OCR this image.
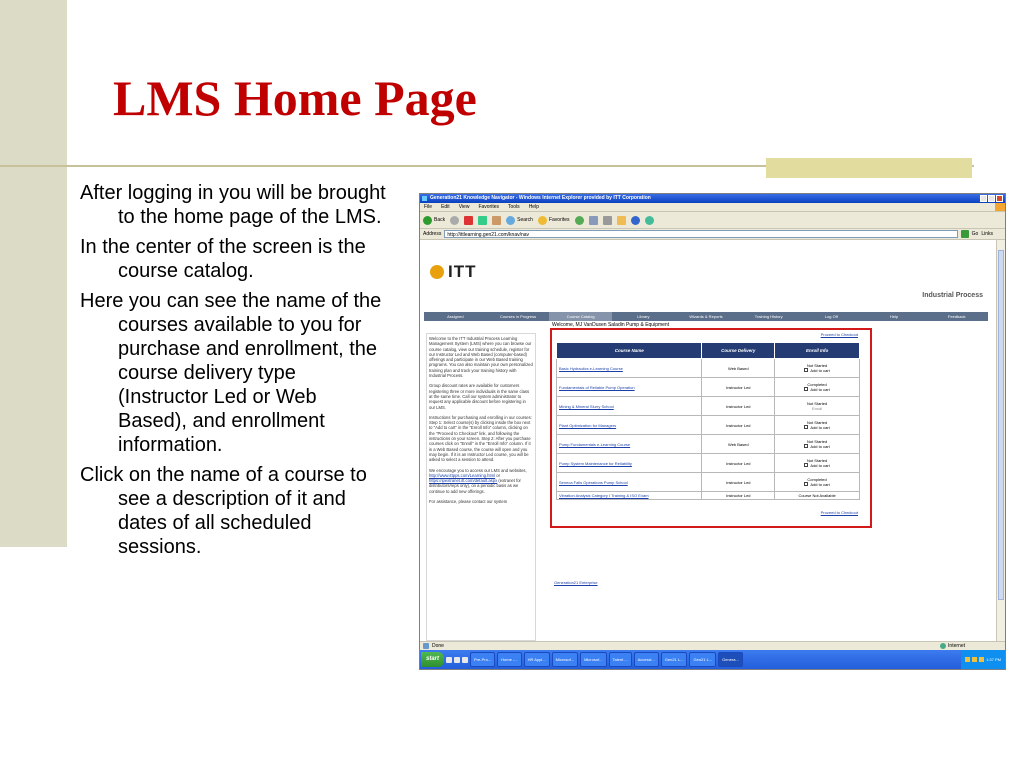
LMS Home Page
After logging in you will be brought to the home page of the LMS.
In the center of the screen is the course catalog.
Here you can see the name of the courses available to you for purchase and enrollment, the course delivery type (Instructor Led or Web Based), and enrollment information.
Click on the name of a course to see a description of it and dates of all scheduled sessions.
Generation21 Knowledge Navigator - Windows Internet Explorer provided by ITT Corporation
File Edit View Favorites Tools Help
Back	Search	Favorites
Address	http://ittlearning.gen21.com/knav/nav	Go Links
ITT
Industrial Process
Assigned	Courses in Progress	Course Catalog	Library	Wizards & Reports	Training History	Log Off	Help	Feedback
Welcome, MJ VanDusen Saladin Pump & Equipment

Welcome to the ITT Industrial Process Learning Management System (LMS) where you can browse our course catalog, view our training schedule, register for our Instructor Led and Web Based (computer-based) offerings and participate in our Web Based training programs. You can also maintain your own personalized training plan and track your training history with Industrial Process.

Group discount rates are available for customers registering three or more individuals in the same class at the same time. Call our system administrator to request any applicable discount before registering in our LMS.

Instructions for purchasing and enrolling in our courses: Step 1: Select course(s) by clicking inside the box next to "Add to cart" in the "Enroll Info" column, clicking on the "Proceed to Checkout" link, and following the instructions on your screen. Step 2: After you purchase courses click on "Enroll" in the "Enroll Info" column. If it is a Web Based course, the course will open and you may begin. If it is an Instructor Led course, you will be asked to select a session to attend.

We encourage you to access our LMS and websites, http://www.ittpps.com/Learning.html or https://ipextranet.itt.com/default.aspx (extranet for distributors/reps only), on a periodic basis as we continue to add new offerings.

For assistance, please contact our system

Proceed to Checkout
Course Name	Course Delivery	Enroll Info
Basic Hydraulics e-Learning Course	Web Based	Not Started
Add to cart

Fundamentals of Reliable Pump Operation	Instructor Led	Completed
Add to cart

Mining & Mineral Slurry School	Instructor Led	Not Started
Enroll
Plant Optimization for Managers	Instructor Led	Not Started
Add to cart

Pump Fundamentals e-Learning Course	Web Based	Not Started
Add to cart

Pump System Maintenance for Reliability	Instructor Led	Not Started
Add to cart

Seneca Falls Operations Pump School	Instructor Led	Completed
Add to cart

Vibration Analysis Category I Training & ISO Exam	Instructor Led	Course Not Available
Proceed to Checkout
Generation21 Enterprise
Done	Internet
start	Pre-Pro...	Home -...	HR Appl...	Microsof...	Microsof...	Talent ...	Accessi...	Gen21 L...	Gen21 L...	Genera...	1:37 PM
